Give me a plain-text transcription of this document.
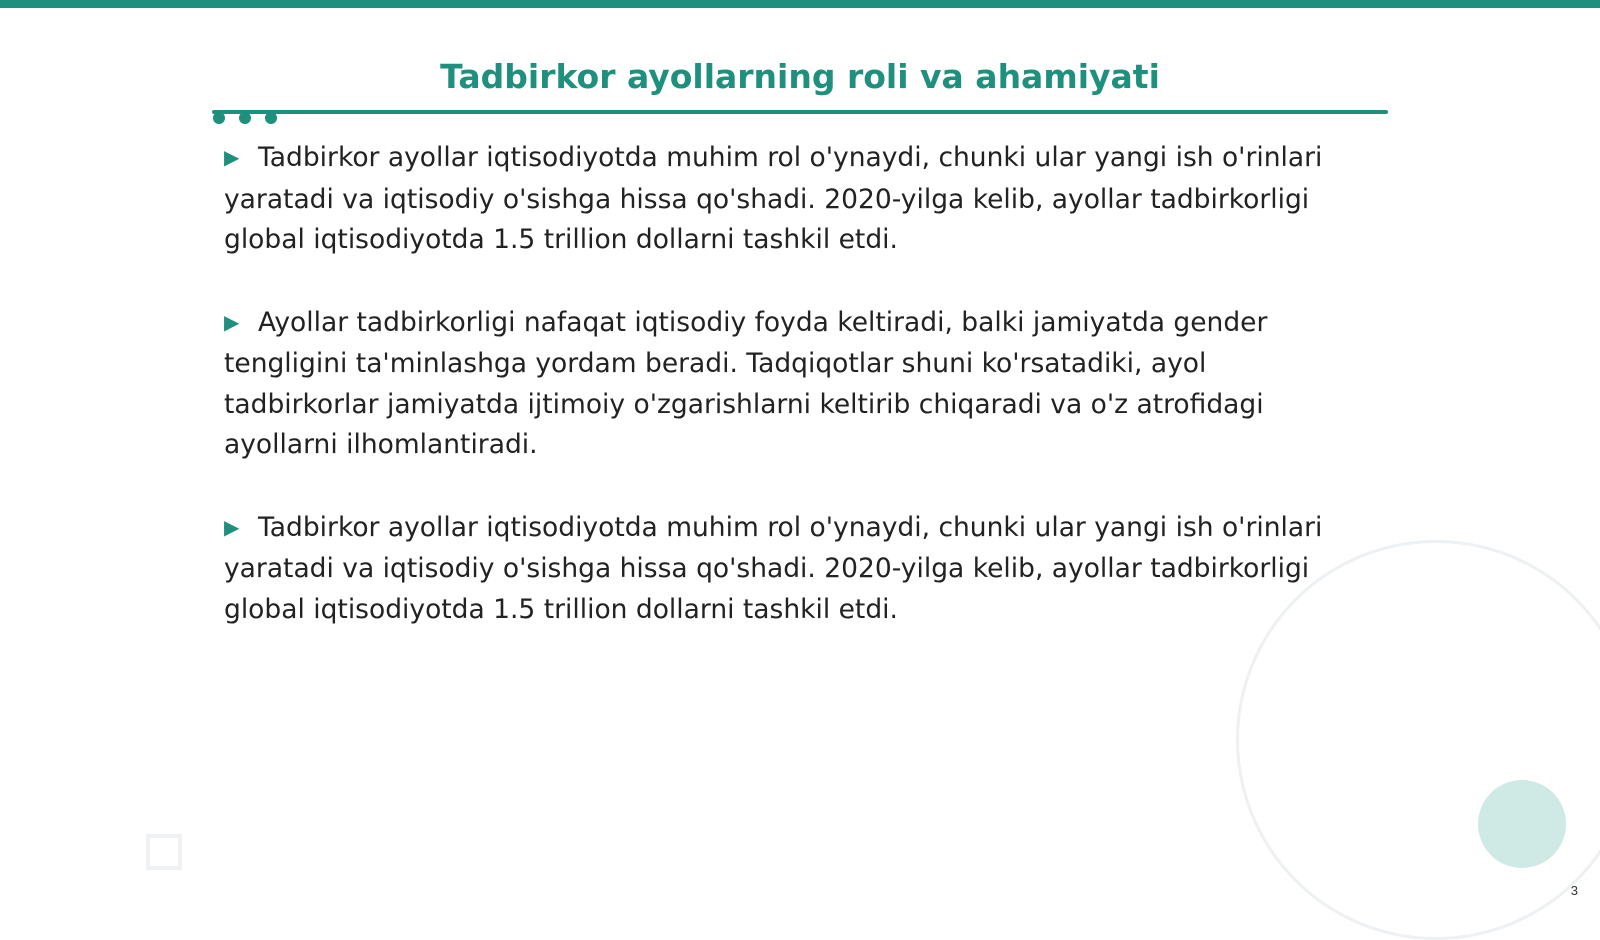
Tadbirkor ayollarning roli va ahamiyati

▶ Tadbirkor ayollar iqtisodiyotda muhim rol o'ynaydi, chunki ular yangi ish o'rinlari yaratadi va iqtisodiy o'sishga hissa qo'shadi. 2020-yilga kelib, ayollar tadbirkorligi global iqtisodiyotda 1.5 trillion dollarni tashkil etdi.

▶ Ayollar tadbirkorligi nafaqat iqtisodiy foyda keltiradi, balki jamiyatda gender tengligini ta'minlashga yordam beradi. Tadqiqotlar shuni ko'rsatadiki, ayol tadbirkorlar jamiyatda ijtimoiy o'zgarishlarni keltirib chiqaradi va o'z atrofidagi ayollarni ilhomlantiradi.

▶ Tadbirkor ayollar iqtisodiyotda muhim rol o'ynaydi, chunki ular yangi ish o'rinlari yaratadi va iqtisodiy o'sishga hissa qo'shadi. 2020-yilga kelib, ayollar tadbirkorligi global iqtisodiyotda 1.5 trillion dollarni tashkil etdi.

3
